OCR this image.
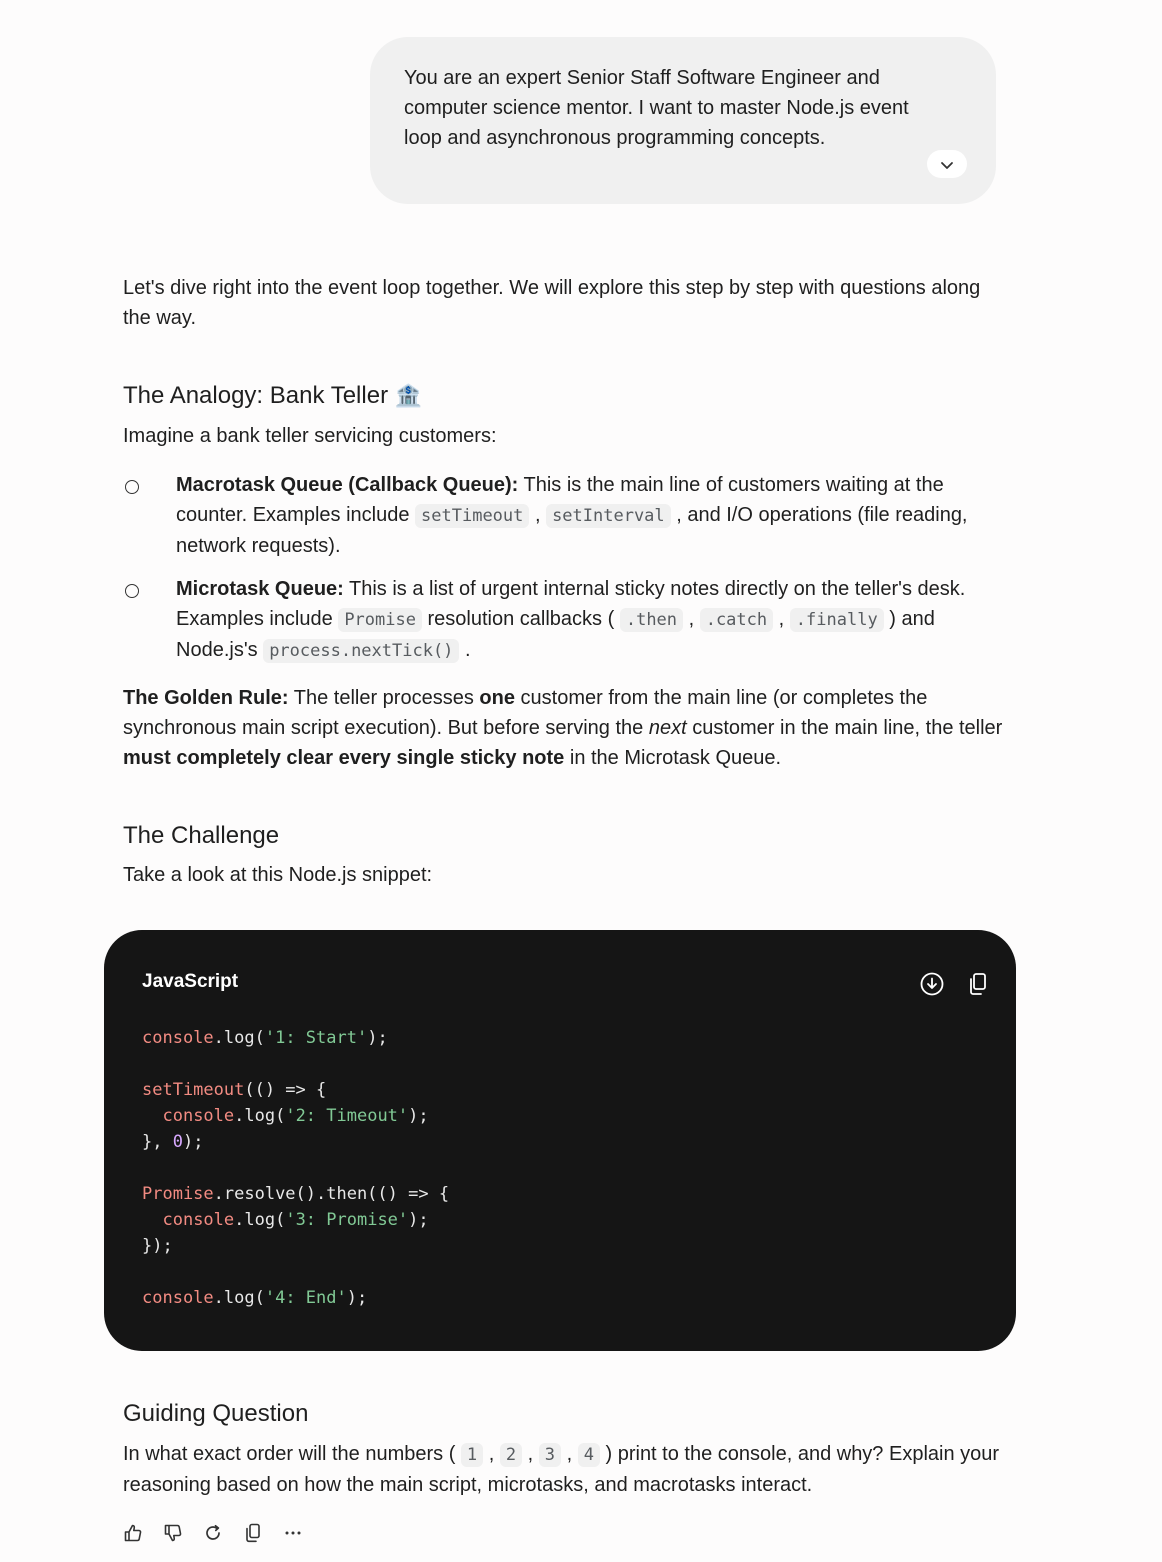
You are an expert Senior Staff Software Engineer and computer science mentor. I want to master Node.js event loop and asynchronous programming concepts.

Let's dive right into the event loop together. We will explore this step by step with questions along the way.

The Analogy: Bank Teller 🏦

Imagine a bank teller servicing customers:

Macrotask Queue (Callback Queue): This is the main line of customers waiting at the counter. Examples include setTimeout , setInterval , and I/O operations (file reading, network requests).

Microtask Queue: This is a list of urgent internal sticky notes directly on the teller's desk. Examples include Promise resolution callbacks ( .then , .catch , .finally ) and Node.js's process.nextTick() .

The Golden Rule: The teller processes one customer from the main line (or completes the synchronous main script execution). But before serving the next customer in the main line, the teller must completely clear every single sticky note in the Microtask Queue.

The Challenge

Take a look at this Node.js snippet:

JavaScript
console.log('1: Start');
setTimeout(() => {
console.log('2: Timeout');
}, 0);
Promise.resolve().then(() => {
console.log('3: Promise');
});
console.log('4: End');
Guiding Question

In what exact order will the numbers ( 1 , 2 , 3 , 4 ) print to the console, and why? Explain your reasoning based on how the main script, microtasks, and macrotasks interact.
